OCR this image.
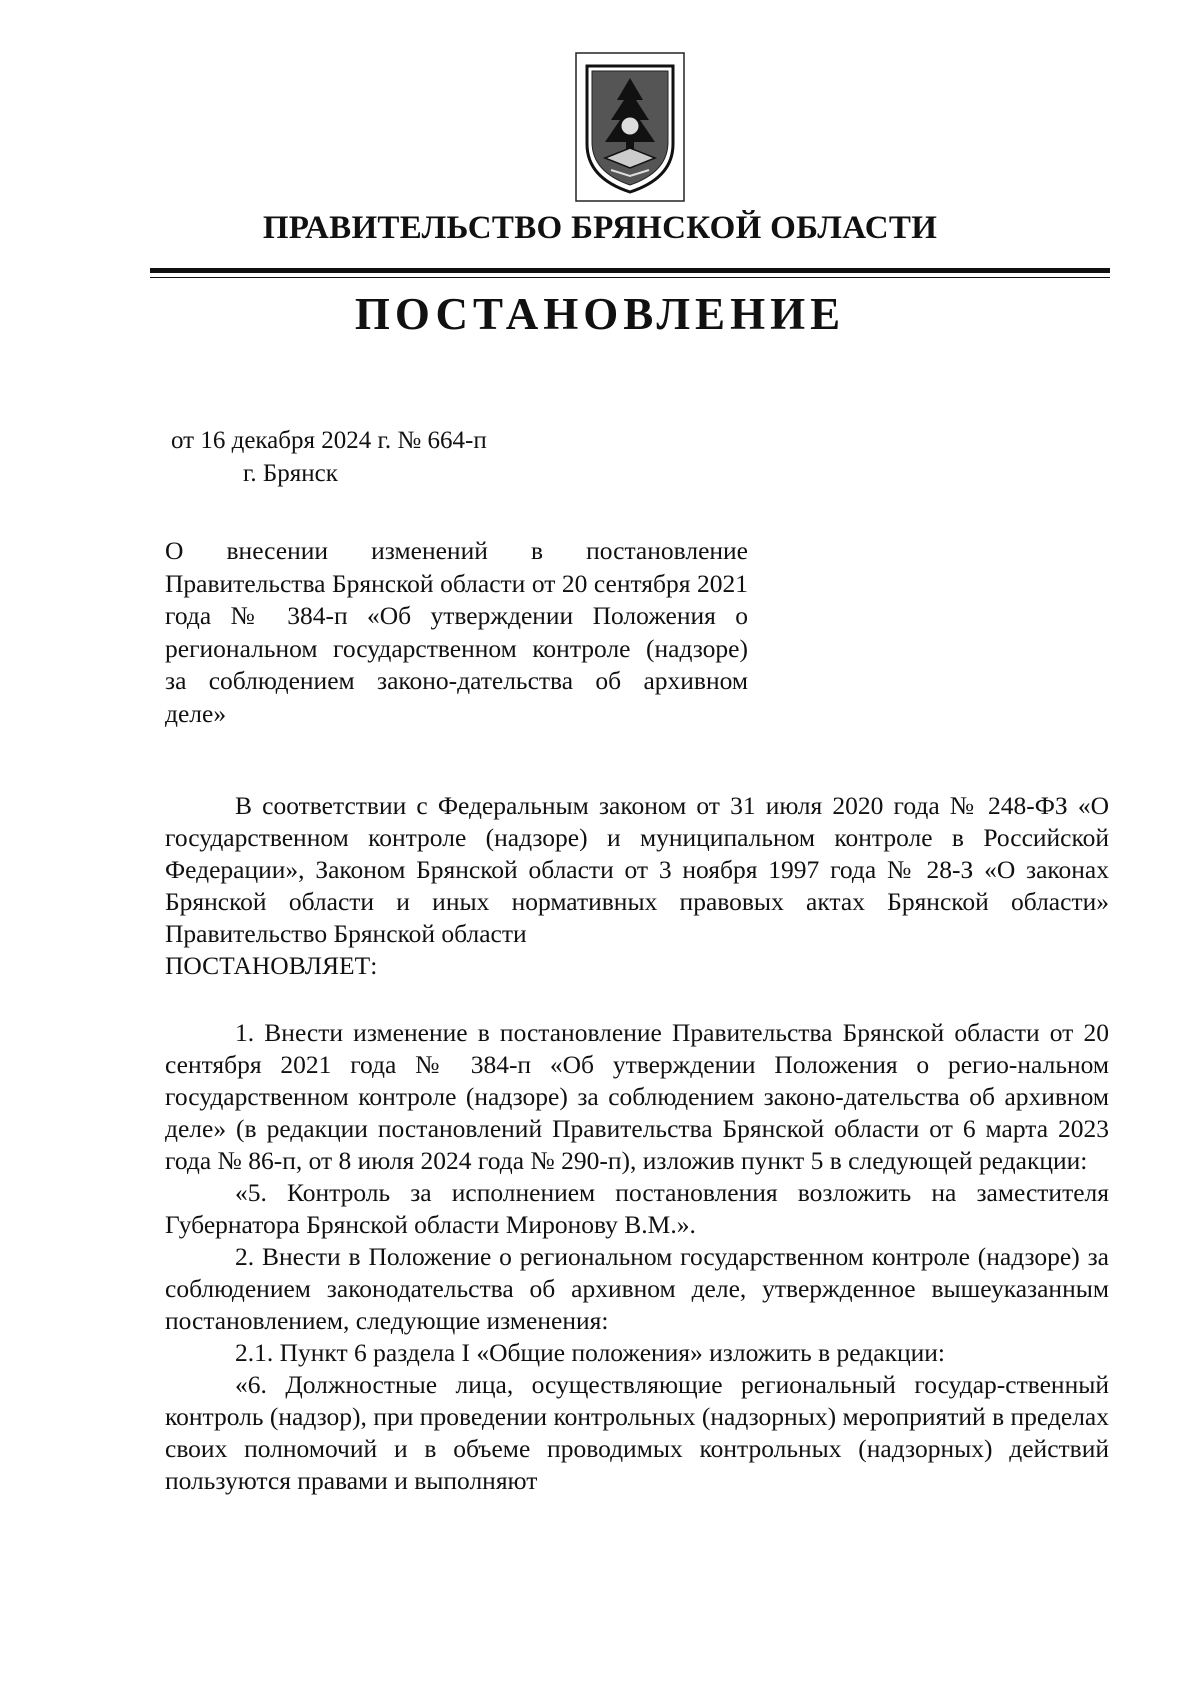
ПРАВИТЕЛЬСТВО БРЯНСКОЙ ОБЛАСТИ
ПОСТАНОВЛЕНИЕ
от 16 декабря 2024 г. № 664-п
г. Брянск
О внесении изменений в постановление Правительства Брянской области от 20 сентября 2021 года № 384-п «Об утверждении Положения о региональном государственном контроле (надзоре) за соблюдением законо-дательства об архивном деле»

В соответствии с Федеральным законом от 31 июля 2020 года № 248-ФЗ «О государственном контроле (надзоре) и муниципальном контроле в Российской Федерации», Законом Брянской области от 3 ноября 1997 года № 28-З «О законах Брянской области и иных нормативных правовых актах Брянской области» Правительство Брянской области

ПОСТАНОВЛЯЕТ:

1. Внести изменение в постановление Правительства Брянской области от 20 сентября 2021 года № 384-п «Об утверждении Положения о регио-нальном государственном контроле (надзоре) за соблюдением законо-дательства об архивном деле» (в редакции постановлений Правительства Брянской области от 6 марта 2023 года № 86-п, от 8 июля 2024 года № 290-п), изложив пункт 5 в следующей редакции:

«5. Контроль за исполнением постановления возложить на заместителя Губернатора Брянской области Миронову В.М.».

2. Внести в Положение о региональном государственном контроле (надзоре) за соблюдением законодательства об архивном деле, утвержденное вышеуказанным постановлением, следующие изменения:

2.1. Пункт 6 раздела I «Общие положения» изложить в редакции:

«6. Должностные лица, осуществляющие региональный государ-ственный контроль (надзор), при проведении контрольных (надзорных) мероприятий в пределах своих полномочий и в объеме проводимых контрольных (надзорных) действий пользуются правами и выполняют
